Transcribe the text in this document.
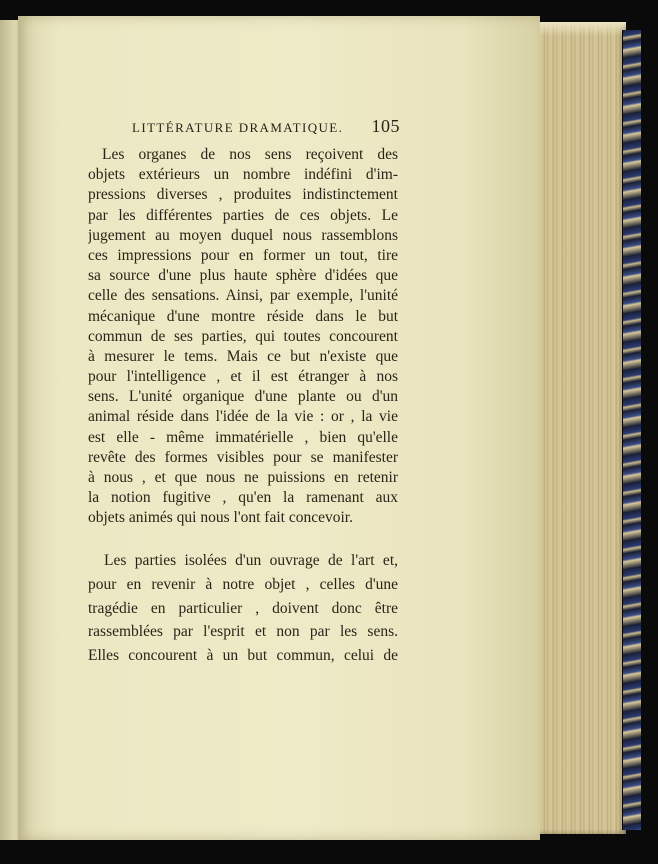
LITTÉRATURE DRAMATIQUE. 105
Les organes de nos sens reçoivent des
objets extérieurs un nombre indéfini d'im-
pressions diverses , produites indistinctement
par les différentes parties de ces objets. Le
jugement au moyen duquel nous rassemblons
ces impressions pour en former un tout, tire
sa source d'une plus haute sphère d'idées que
celle des sensations. Ainsi, par exemple, l'unité
mécanique d'une montre réside dans le but
commun de ses parties, qui toutes concourent
à mesurer le tems. Mais ce but n'existe que
pour l'intelligence , et il est étranger à nos
sens. L'unité organique d'une plante ou d'un
animal réside dans l'idée de la vie : or , la vie
est elle - même immatérielle , bien qu'elle
revête des formes visibles pour se manifester
à nous , et que nous ne puissions en retenir
la notion fugitive , qu'en la ramenant aux
objets animés qui nous l'ont fait concevoir.
Les parties isolées d'un ouvrage de l'art et,
pour en revenir à notre objet , celles d'une
tragédie en particulier , doivent donc être
rassemblées par l'esprit et non par les sens.
Elles concourent à un but commun, celui de
